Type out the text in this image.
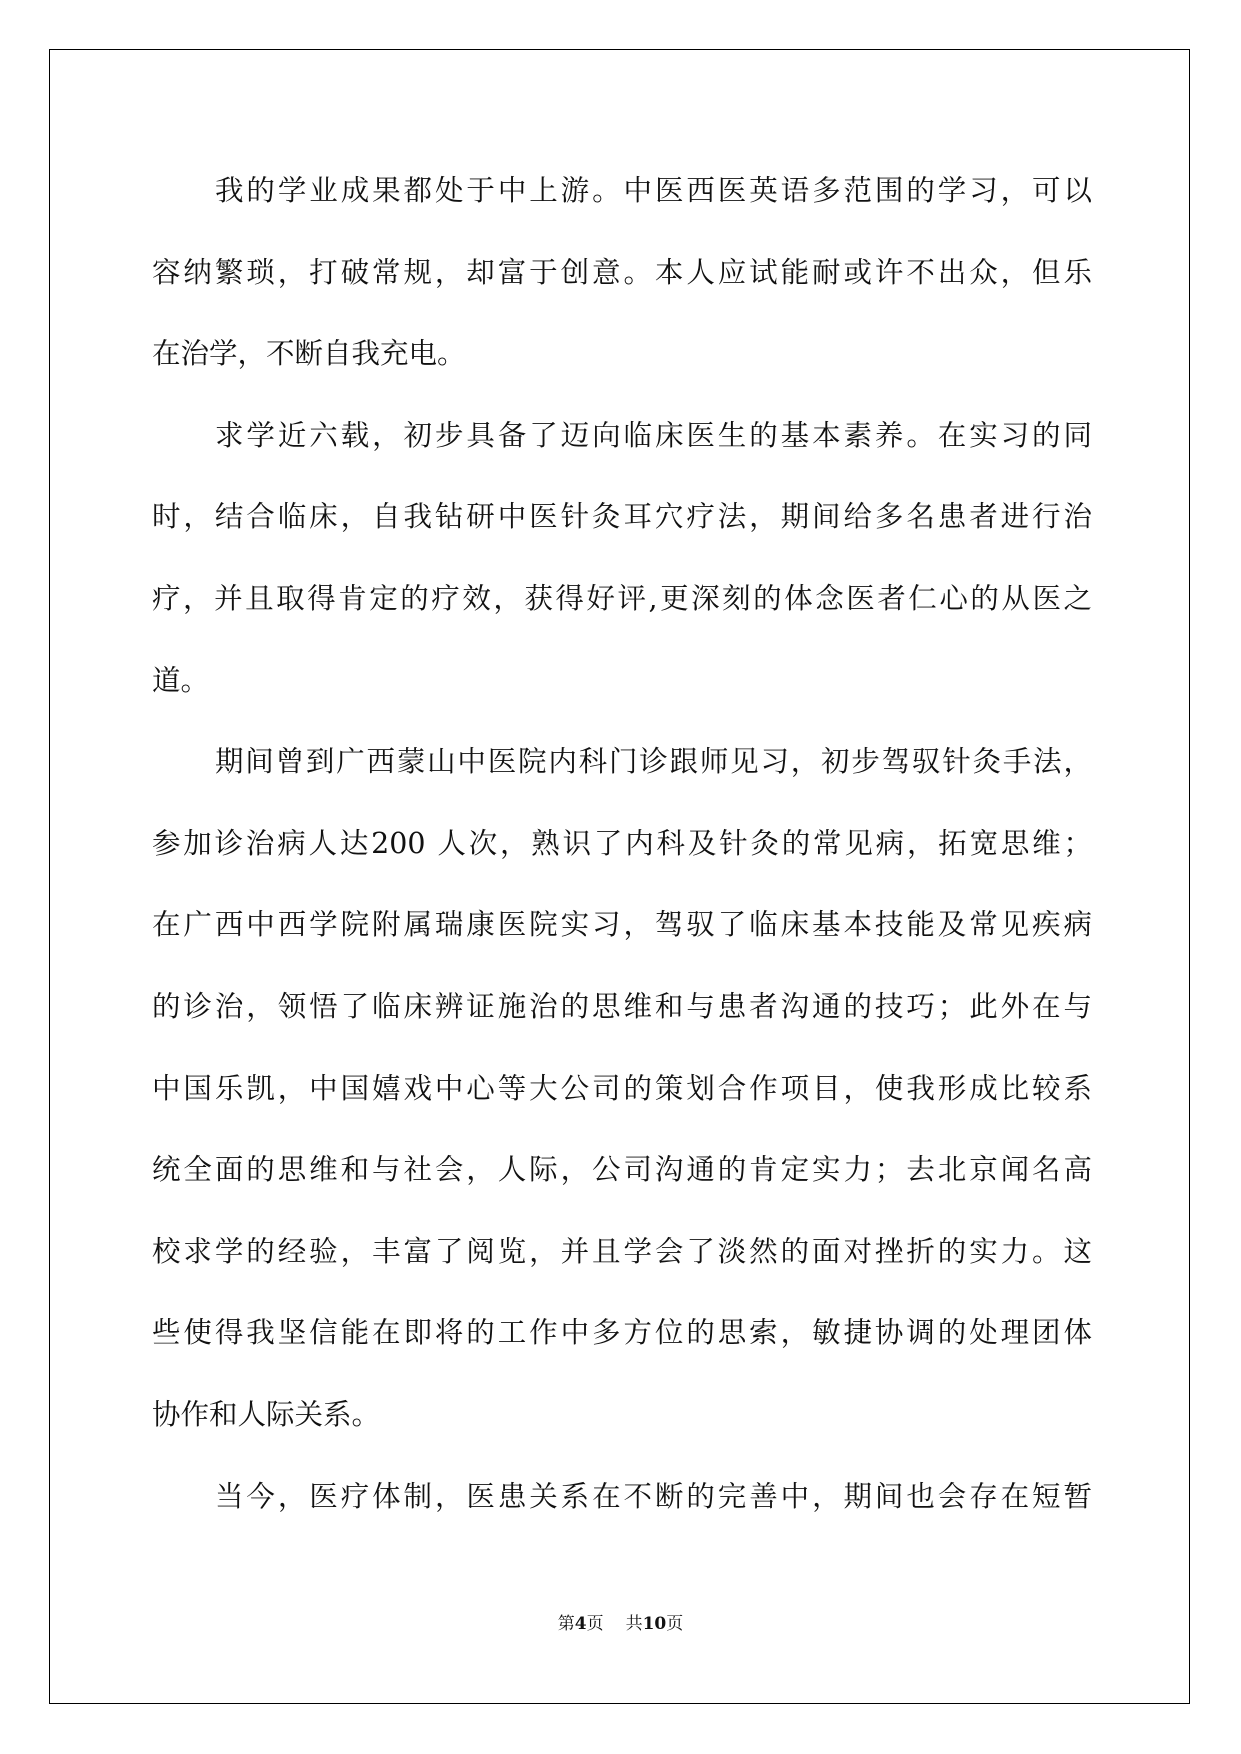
我的学业成果都处于中上游。中医西医英语多范围的学习，可以
容纳繁琐，打破常规，却富于创意。本人应试能耐或许不出众，但乐
在治学，不断自我充电。
求学近六载，初步具备了迈向临床医生的基本素养。在实习的同
时，结合临床，自我钻研中医针灸耳穴疗法，期间给多名患者进行治
疗，并且取得肯定的疗效，获得好评,更深刻的体念医者仁心的从医之
道。
期间曾到广西蒙山中医院内科门诊跟师见习，初步驾驭针灸手法，
参加诊治病人达200 人次，熟识了内科及针灸的常见病，拓宽思维；
在广西中西学院附属瑞康医院实习，驾驭了临床基本技能及常见疾病
的诊治，领悟了临床辨证施治的思维和与患者沟通的技巧；此外在与
中国乐凯，中国嬉戏中心等大公司的策划合作项目，使我形成比较系
统全面的思维和与社会，人际，公司沟通的肯定实力；去北京闻名高
校求学的经验，丰富了阅览，并且学会了淡然的面对挫折的实力。这
些使得我坚信能在即将的工作中多方位的思索，敏捷协调的处理团体
协作和人际关系。
当今，医疗体制，医患关系在不断的完善中，期间也会存在短暂
第4页 共10页
